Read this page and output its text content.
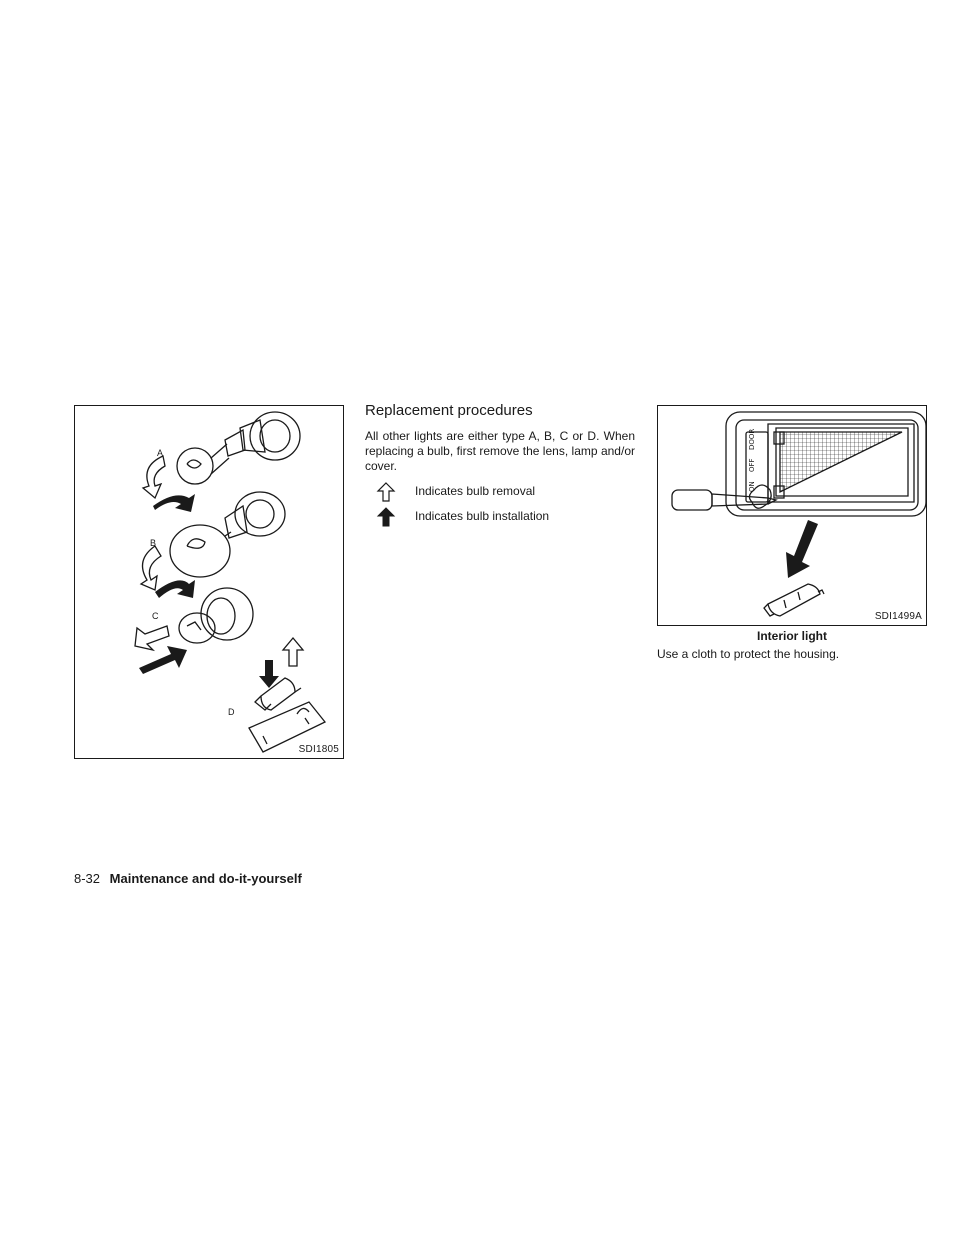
A
B
C
D
SDI1805
Replacement procedures

All other lights are either type A, B, C or D. When replacing a bulb, first remove the lens, lamp and/or cover.

Indicates bulb removal
Indicates bulb installation
DOOR
OFF
ON
SDI1499A
Interior light
Use a cloth to protect the housing.
8-32 Maintenance and do-it-yourself
